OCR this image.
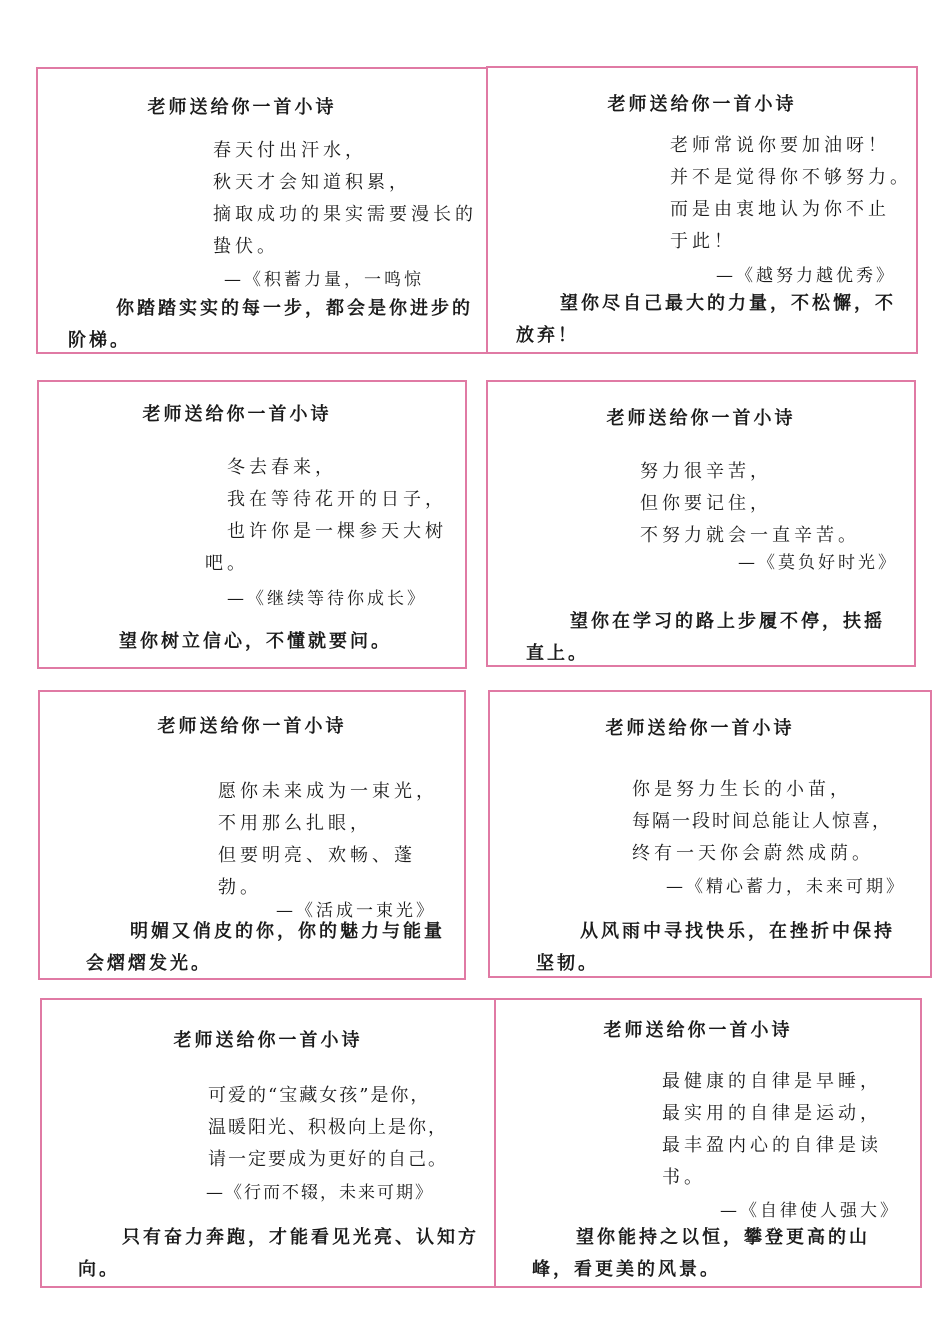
老师送给你一首小诗
春天付出汗水，
秋天才会知道积累，
摘取成功的果实需要漫长的蛰伏。
—《积蓄力量，一鸣惊
你踏踏实实的每一步，都会是你进步的阶梯。
老师送给你一首小诗
老师常说你要加油呀！
并不是觉得你不够努力。
而是由衷地认为你不止于此！
—《越努力越优秀》
望你尽自己最大的力量，不松懈，不放弃！
老师送给你一首小诗
冬去春来，
我在等待花开的日子，
也许你是一棵参天大树吧。
—《继续等待你成长》
望你树立信心，不懂就要问。
老师送给你一首小诗
努力很辛苦，
但你要记住，
不努力就会一直辛苦。
—《莫负好时光》
望你在学习的路上步履不停，扶摇直上。
老师送给你一首小诗
愿你未来成为一束光，
不用那么扎眼，
但要明亮、欢畅、蓬勃。
—《活成一束光》
明媚又俏皮的你，你的魅力与能量会熠熠发光。
老师送给你一首小诗
你是努力生长的小苗，
每隔一段时间总能让人惊喜，
终有一天你会蔚然成荫。
—《精心蓄力，未来可期》
从风雨中寻找快乐，在挫折中保持坚韧。
老师送给你一首小诗
可爱的“宝藏女孩”是你，
温暖阳光、积极向上是你，
请一定要成为更好的自己。
—《行而不辍，未来可期》
只有奋力奔跑，才能看见光亮、认知方向。
老师送给你一首小诗
最健康的自律是早睡，
最实用的自律是运动，
最丰盈内心的自律是读书。
—《自律使人强大》
望你能持之以恒，攀登更高的山峰，看更美的风景。
